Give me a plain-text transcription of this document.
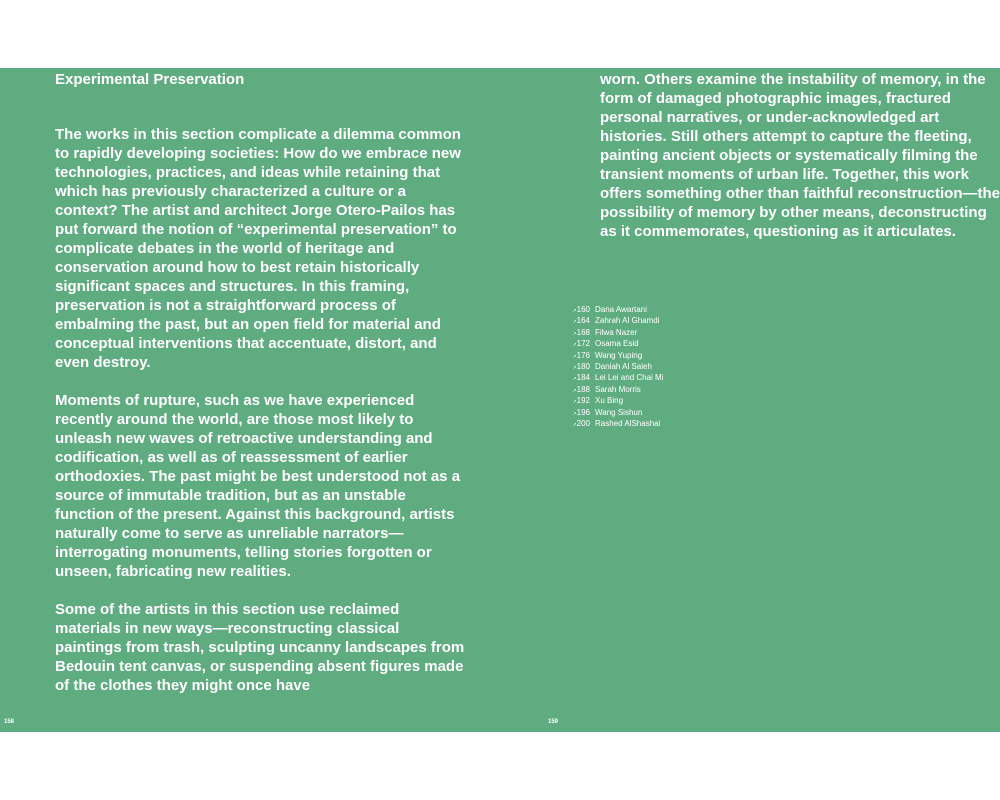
Experimental Preservation

The works in this section complicate a dilemma common to rapidly developing societies: How do we embrace new technologies, practices, and ideas while retaining that which has previously characterized a culture or a context? The artist and architect Jorge Otero-Pailos has put forward the notion of “experimental preservation” to complicate debates in the world of heritage and conservation around how to best retain historically significant spaces and structures. In this framing, preservation is not a straightforward process of embalming the past, but an open field for material and conceptual interventions that accentuate, distort, and even destroy.

Moments of rupture, such as we have experienced recently around the world, are those most likely to unleash new waves of retroactive understanding and codification, as well as of reassessment of earlier orthodoxies. The past might be best understood not as a source of immutable tradition, but as an unstable function of the present. Against this background, artists naturally come to serve as unreliable narrators—interrogating monuments, telling stories forgotten or unseen, fabricating new realities.

Some of the artists in this section use reclaimed materials in new ways—reconstructing classical paintings from trash, sculpting uncanny landscapes from Bedouin tent canvas, or suspending absent figures made of the clothes they might once have

158

worn. Others examine the instability of memory, in the form of damaged photographic images, fractured personal narratives, or under-acknowledged art histories. Still others attempt to capture the fleeting, painting ancient objects or systematically filming the transient moments of urban life. Together, this work offers something other than faithful reconstruction—the possibility of memory by other means, deconstructing as it commemorates, questioning as it articulates.

↗160 Dana Awartani
↗164 Zahrah Al Ghamdi
↗168 Filwa Nazer
↗172 Osama Esid
↗176 Wang Yuping
↗180 Daniah Al Saleh
↗184 Lei Lei and Chai Mi
↗188 Sarah Morris
↗192 Xu Bing
↗196 Wang Sishun
↗200 Rashed AlShashai
159
